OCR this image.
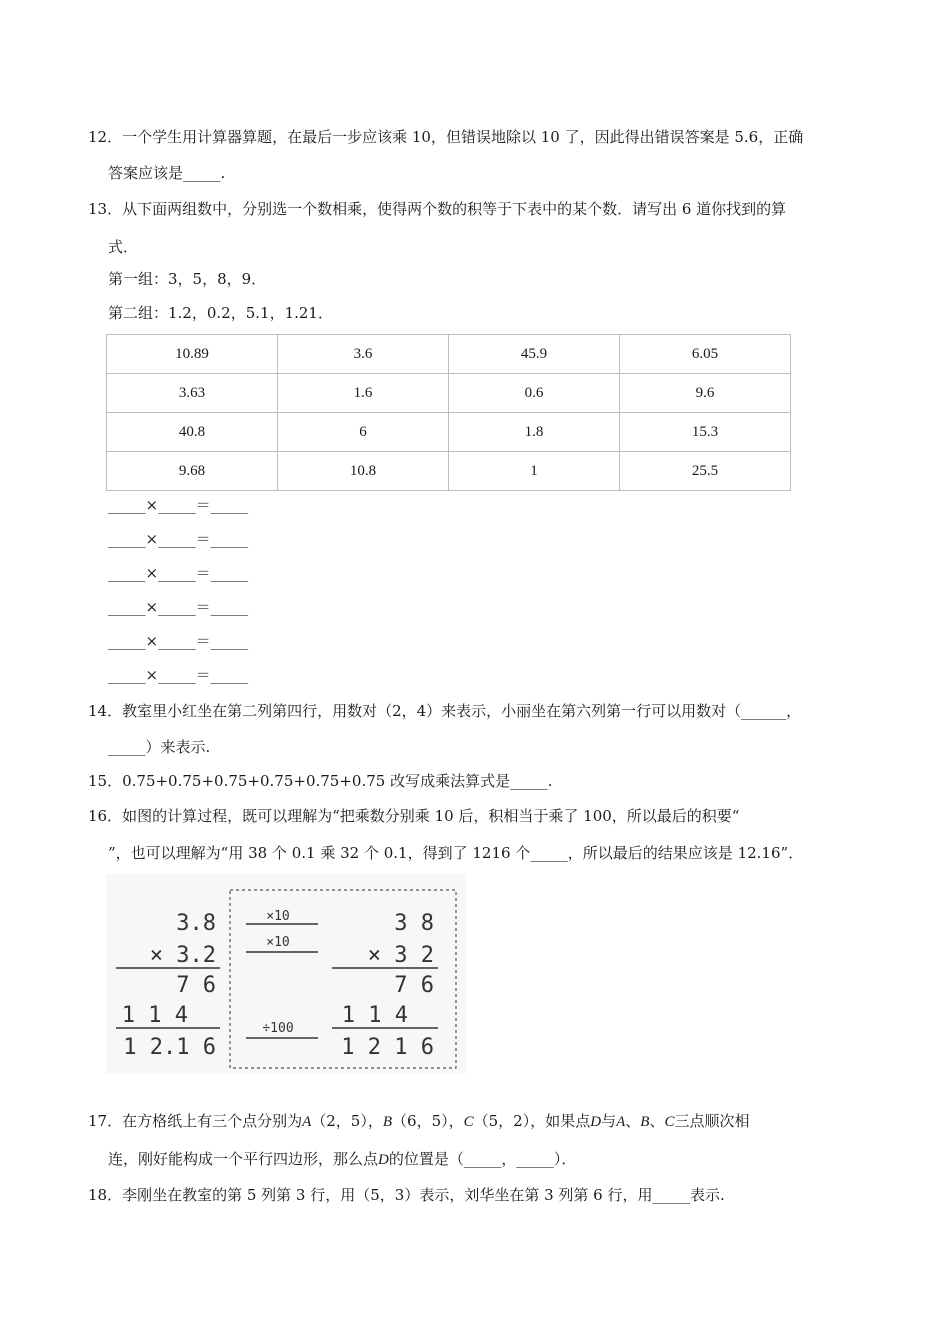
12．一个学生用计算器算题，在最后一步应该乘 10，但错误地除以 10 了，因此得出错误答案是 5.6，正确
答案应该是_____.
13．从下面两组数中，分别选一个数相乘，使得两个数的积等于下表中的某个数．请写出 6 道你找到的算
式．
第一组：3，5，8，9．
第二组：1.2，0.2，5.1，1.21．
10.89	3.6	45.9	6.05
3.63	1.6	0.6	9.6
40.8	6	1.8	15.3
9.68	10.8	1	25.5
_____×_____＝_____
_____×_____＝_____
_____×_____＝_____
_____×_____＝_____
_____×_____＝_____
_____×_____＝_____
14．教室里小红坐在第二列第四行，用数对（2，4）来表示，小丽坐在第六列第一行可以用数对（______，
_____）来表示.
15．0.75+0.75+0.75+0.75+0.75+0.75 改写成乘法算式是_____.
16．如图的计算过程，既可以理解为“把乘数分别乘 10 后，积相当于乘了 100，所以最后的积要“
”，也可以理解为“用 38 个 0.1 乘 32 个 0.1，得到了 1216 个_____，所以最后的结果应该是 12.16”．
3.8
× 3.2
7 6
1 1 4
1 2.1 6
×10
×10
÷100
3 8
× 3 2
7 6
1 1 4
1 2 1 6
17．在方格纸上有三个点分别为A（2，5），B（6，5），C（5，2），如果点D与A、B、C三点顺次相
连，刚好能构成一个平行四边形，那么点D的位置是（_____，_____）．
18．李刚坐在教室的第 5 列第 3 行，用（5，3）表示，刘华坐在第 3 列第 6 行，用_____表示.
